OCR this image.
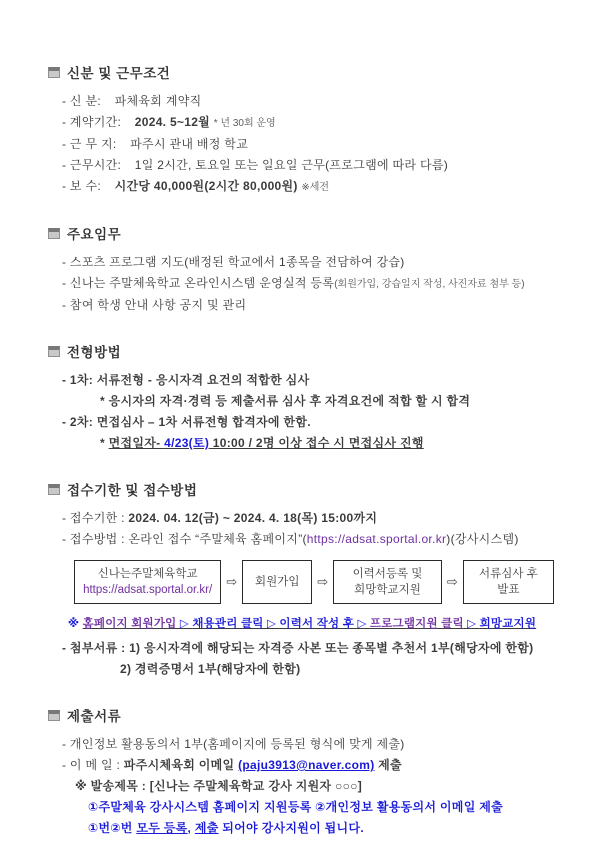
신분 및 근무조건
- 신 분: 파체육회 계약직
- 계약기간: 2024. 5~12월 * 년 30회 운영
- 근 무 지: 파주시 관내 배정 학교
- 근무시간: 1일 2시간, 토요일 또는 일요일 근무(프로그램에 따라 다름)
- 보 수: 시간당 40,000원(2시간 80,000원) ※세전
주요임무
- 스포츠 프로그램 지도(배정된 학교에서 1종목을 전담하여 강습)
- 신나는 주말체육학교 온라인시스템 운영실적 등록(회원가입, 강습일지 작성, 사진자료 첨부 등)
- 참여 학생 안내 사항 공지 및 관리
전형방법
- 1차: 서류전형 - 응시자격 요건의 적합한 심사
* 응시자의 자격·경력 등 제출서류 심사 후 자격요건에 적합 할 시 합격
- 2차: 면접심사 – 1차 서류전형 합격자에 한함.
* 면접일자- 4/23(토) 10:00 / 2명 이상 접수 시 면접심사 진행
접수기한 및 접수방법
- 접수기한 : 2024. 04. 12(금) ~ 2024. 4. 18(목) 15:00까지
- 접수방법 : 온라인 접수 “주말체육 홈페이지”(https://adsat.sportal.or.kr)(강사시스템)
신나는주말체육학교
https://adsat.sportal.or.kr/
⇨	회원가입	⇨	이력서등록 및
희망학교지원
⇨	서류심사 후
발표
※ 홈페이지 회원가입 ▷ 채용관리 클릭 ▷ 이력서 작성 후 ▷ 프로그램지원 클릭 ▷ 희망교지원
- 첨부서류 : 1) 응시자격에 해당되는 자격증 사본 또는 종목별 추천서 1부(해당자에 한함)
2) 경력증명서 1부(해당자에 한함)
제출서류
- 개인정보 활용동의서 1부(홈페이지에 등록된 형식에 맞게 제출)
- 이 메 일 : 파주시체육회 이메일 (paju3913@naver.com) 제출
※ 발송제목 : [신나는 주말체육학교 강사 지원자 ○○○]
①주말체육 강사시스템 홈페이지 지원등록 ②개인정보 활용동의서 이메일 제출
①번②번 모두 등록, 제출 되어야 강사지원이 됩니다.
